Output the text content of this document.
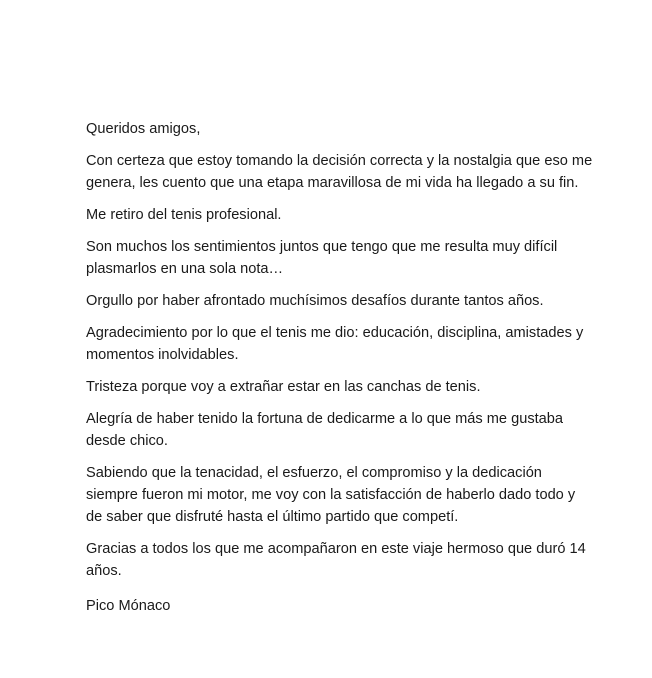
Queridos amigos,

Con certeza que estoy tomando la decisión correcta y la nostalgia que eso me
genera, les cuento que una etapa maravillosa de mi vida ha llegado a su fin.

Me retiro del tenis profesional.

Son muchos los sentimientos juntos que tengo que me resulta muy difícil
plasmarlos en una sola nota…

Orgullo por haber afrontado muchísimos desafíos durante tantos años.

Agradecimiento por lo que el tenis me dio: educación, disciplina, amistades y
momentos inolvidables.

Tristeza porque voy a extrañar estar en las canchas de tenis.

Alegría de haber tenido la fortuna de dedicarme a lo que más me gustaba
desde chico.

Sabiendo que la tenacidad, el esfuerzo, el compromiso y la dedicación
siempre fueron mi motor, me voy con la satisfacción de haberlo dado todo y
de saber que disfruté hasta el último partido que competí.

Gracias a todos los que me acompañaron en este viaje hermoso que duró 14
años.

Pico Mónaco
